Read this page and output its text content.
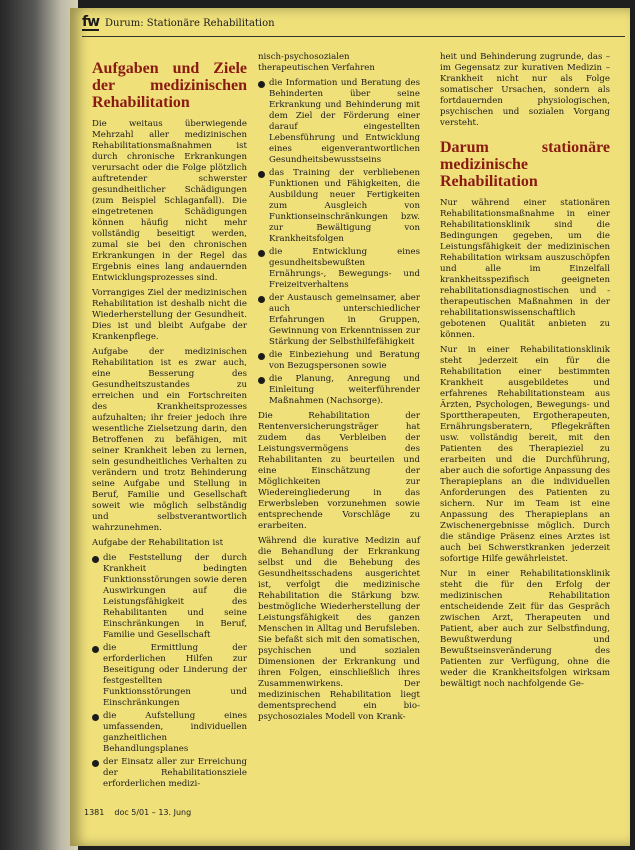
fw Durum: Stationäre Rehabilitation
Aufgaben und Ziele der medizinischen Rehabilitation

Die weitaus überwiegende Mehrzahl aller medizinischen Rehabilitationsmaßnahmen ist durch chronische Erkrankungen verursacht oder die Folge plötzlich auftretender schwerster gesundheitlicher Schädigungen (zum Beispiel Schlaganfall). Die eingetretenen Schädigungen können häufig nicht mehr vollständig beseitigt werden, zumal sie bei den chronischen Erkrankungen in der Regel das Ergebnis eines lang andauernden Entwicklungsprozesses sind.

Vorrangiges Ziel der medizinischen Rehabilitation ist deshalb nicht die Wiederherstellung der Gesundheit. Dies ist und bleibt Aufgabe der Krankenpflege.

Aufgabe der medizinischen Rehabilitation ist es zwar auch, eine Besserung des Gesundheitszustandes zu erreichen und ein Fortschreiten des Krankheitsprozesses aufzuhalten; ihr freier jedoch ihre wesentliche Zielsetzung darin, den Betroffenen zu befähigen, mit seiner Krankheit leben zu lernen, sein gesundheitliches Verhalten zu verändern und trotz Behinderung seine Aufgabe und Stellung in Beruf, Familie und Gesellschaft soweit wie möglich selbständig und selbstverantwortlich wahrzunehmen.

Aufgabe der Rehabilitation ist

die Feststellung der durch Krankheit bedingten Funktionsstörungen sowie deren Auswirkungen auf die Leistungsfähigkeit des Rehabilitanten und seine Einschränkungen in Beruf, Familie und Gesellschaft
die Ermittlung der erforderlichen Hilfen zur Beseitigung oder Linderung der festgestellten Funktionsstörungen und Einschränkungen
die Aufstellung eines umfassenden, individuellen ganzheitlichen Behandlungsplanes
der Einsatz aller zur Erreichung der Rehabilitationsziele erforderlichen medizi-

nisch-psychosozialen therapeutischen Verfahren

die Information und Beratung des Behinderten über seine Erkrankung und Behinderung mit dem Ziel der Förderung einer darauf eingestellten Lebensführung und Entwicklung eines eigenverantwortlichen Gesundheitsbewusstseins
das Training der verbliebenen Funktionen und Fähigkeiten, die Ausbildung neuer Fertigkeiten zum Ausgleich von Funktionseinschränkungen bzw. zur Bewältigung von Krankheitsfolgen
die Entwicklung eines gesundheitsbewußten Ernährungs-, Bewegungs- und Freizeitverhaltens
der Austausch gemeinsamer, aber auch unterschiedlicher Erfahrungen in Gruppen, Gewinnung von Erkenntnissen zur Stärkung der Selbsthilfefähigkeit
die Einbeziehung und Beratung von Bezugspersonen sowie
die Planung, Anregung und Einleitung weiterführender Maßnahmen (Nachsorge).

Die Rehabilitation der Rentenversicherungsträger hat zudem das Verbleiben der Leistungsvermögens des Rehabilitanten zu beurteilen und eine Einschätzung der Möglichkeiten zur Wiedereingliederung in das Erwerbsleben vorzunehmen sowie entsprechende Vorschläge zu erarbeiten.

Während die kurative Medizin auf die Behandlung der Erkrankung selbst und die Behebung des Gesundheitsschadens ausgerichtet ist, verfolgt die medizinische Rehabilitation die Stärkung bzw. bestmögliche Wiederherstellung der Leistungsfähigkeit des ganzen Menschen in Alltag und Berufsleben. Sie befaßt sich mit den somatischen, psychischen und sozialen Dimensionen der Erkrankung und ihren Folgen, einschließlich ihres Zusammenwirkens. Der medizinischen Rehabilitation liegt dementsprechend ein bio-psychosoziales Modell von Krank-

heit und Behinderung zugrunde, das – im Gegensatz zur kurativen Medizin – Krankheit nicht nur als Folge somatischer Ursachen, sondern als fortdauernden physiologischen, psychischen und sozialen Vorgang versteht.

Darum stationäre medizinische Rehabilitation

Nur während einer stationären Rehabilitationsmaßnahme in einer Rehabilitationsklinik sind die Bedingungen gegeben, um die Leistungsfähigkeit der medizinischen Rehabilitation wirksam auszuschöpfen und alle im Einzelfall krankheitsspezifisch geeigneten rehabilitationsdiagnostischen und -therapeutischen Maßnahmen in der rehabilitationswissenschaftlich gebotenen Qualität anbieten zu können.

Nur in einer Rehabilitationsklinik steht jederzeit ein für die Rehabilitation einer bestimmten Krankheit ausgebildetes und erfahrenes Rehabilitationsteam aus Ärzten, Psychologen, Bewegungs- und Sporttherapeuten, Ergotherapeuten, Ernährungsberatern, Pflegekräften usw. vollständig bereit, mit den Patienten des Therapieziel zu erarbeiten und die Durchführung, aber auch die sofortige Anpassung des Therapieplans an die individuellen Anforderungen des Patienten zu sichern. Nur im Team ist eine Anpassung des Therapieplans an Zwischenergebnisse möglich. Durch die ständige Präsenz eines Arztes ist auch bei Schwerstkranken jederzeit sofortige Hilfe gewährleistet.

Nur in einer Rehabilitationsklinik steht die für den Erfolg der medizinischen Rehabilitation entscheidende Zeit für das Gespräch zwischen Arzt, Therapeuten und Patient, aber auch zur Selbstfindung, Bewußtwerdung und Bewußtseinsveränderung des Patienten zur Verfügung, ohne die weder die Krankheitsfolgen wirksam bewältigt noch nachfolgende Ge-

1381 doc 5/01 – 13. Jung
